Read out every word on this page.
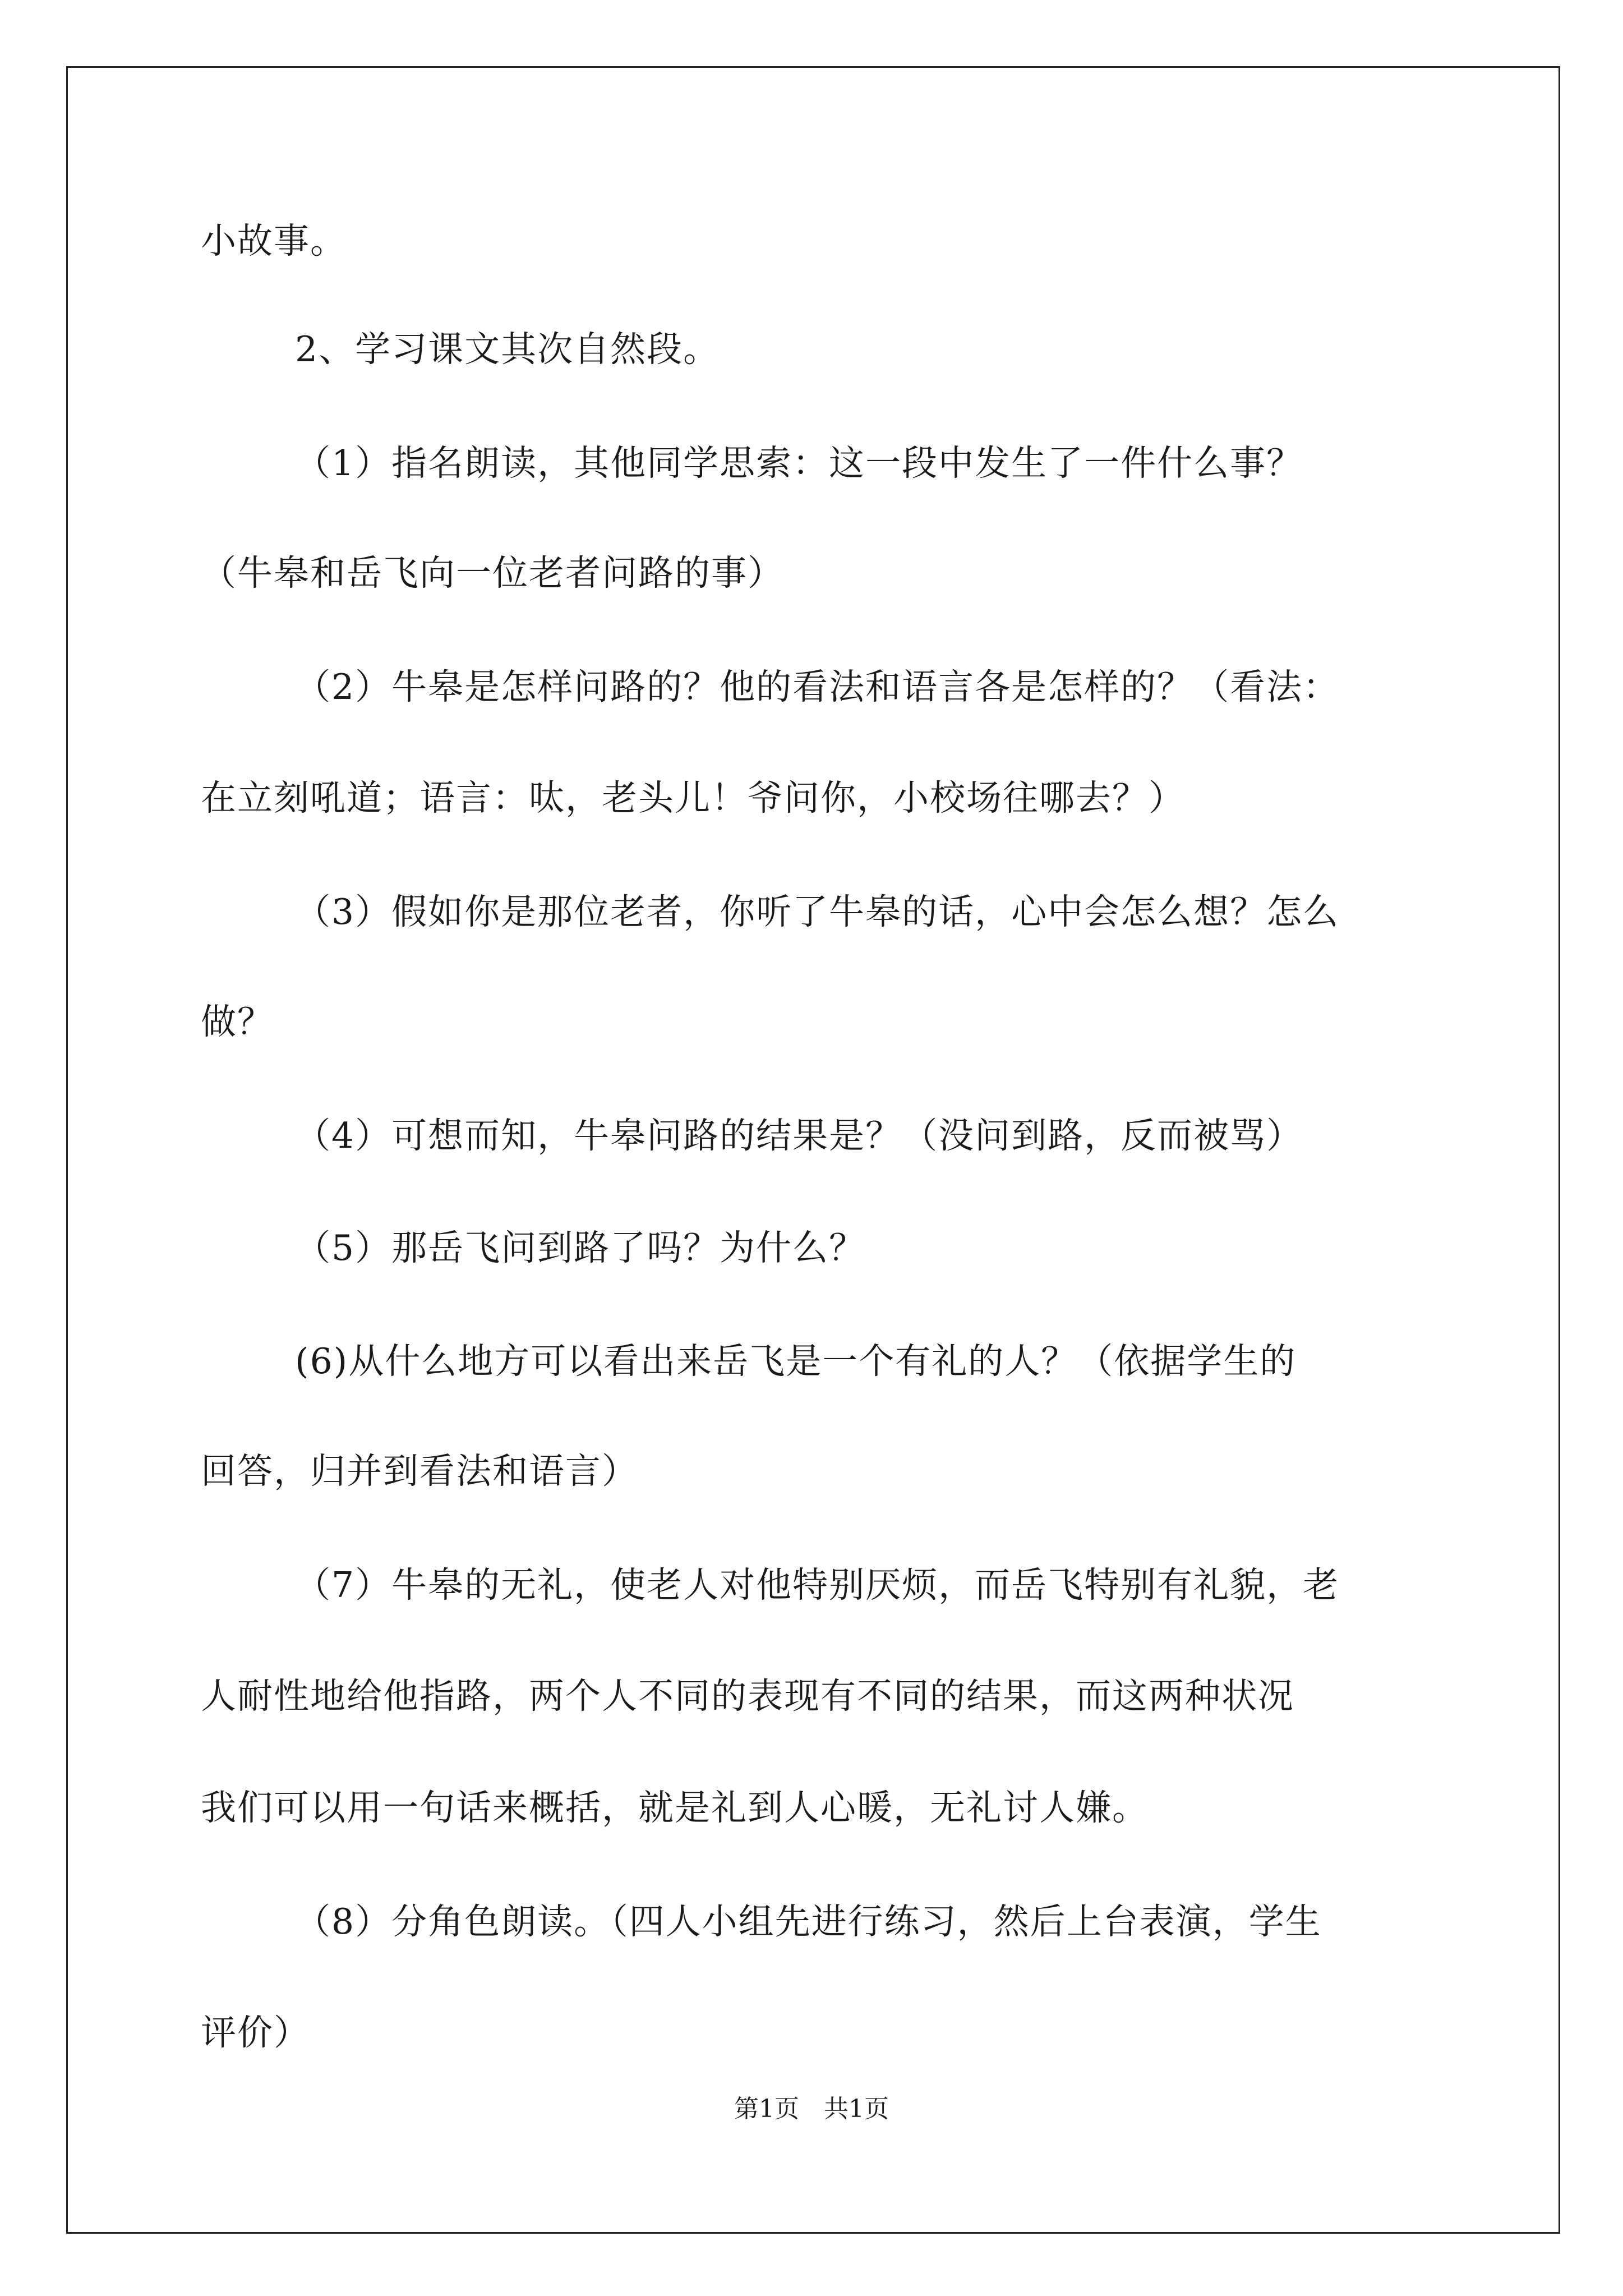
小故事。
2、学习课文其次自然段。
（1）指名朗读，其他同学思索：这一段中发生了一件什么事？
（牛皋和岳飞向一位老者问路的事）
（2）牛皋是怎样问路的？他的看法和语言各是怎样的？（看法：
在立刻吼道；语言：呔，老头儿！爷问你，小校场往哪去？）
（3）假如你是那位老者，你听了牛皋的话，心中会怎么想？怎么
做？
（4）可想而知，牛皋问路的结果是？（没问到路，反而被骂）
（5）那岳飞问到路了吗？为什么？
(6)从什么地方可以看出来岳飞是一个有礼的人？（依据学生的
回答，归并到看法和语言）
（7）牛皋的无礼，使老人对他特别厌烦，而岳飞特别有礼貌，老
人耐性地给他指路，两个人不同的表现有不同的结果，而这两种状况
我们可以用一句话来概括，就是礼到人心暖，无礼讨人嫌。
（8）分角色朗读。（四人小组先进行练习，然后上台表演，学生
评价）
第1页　共1页
